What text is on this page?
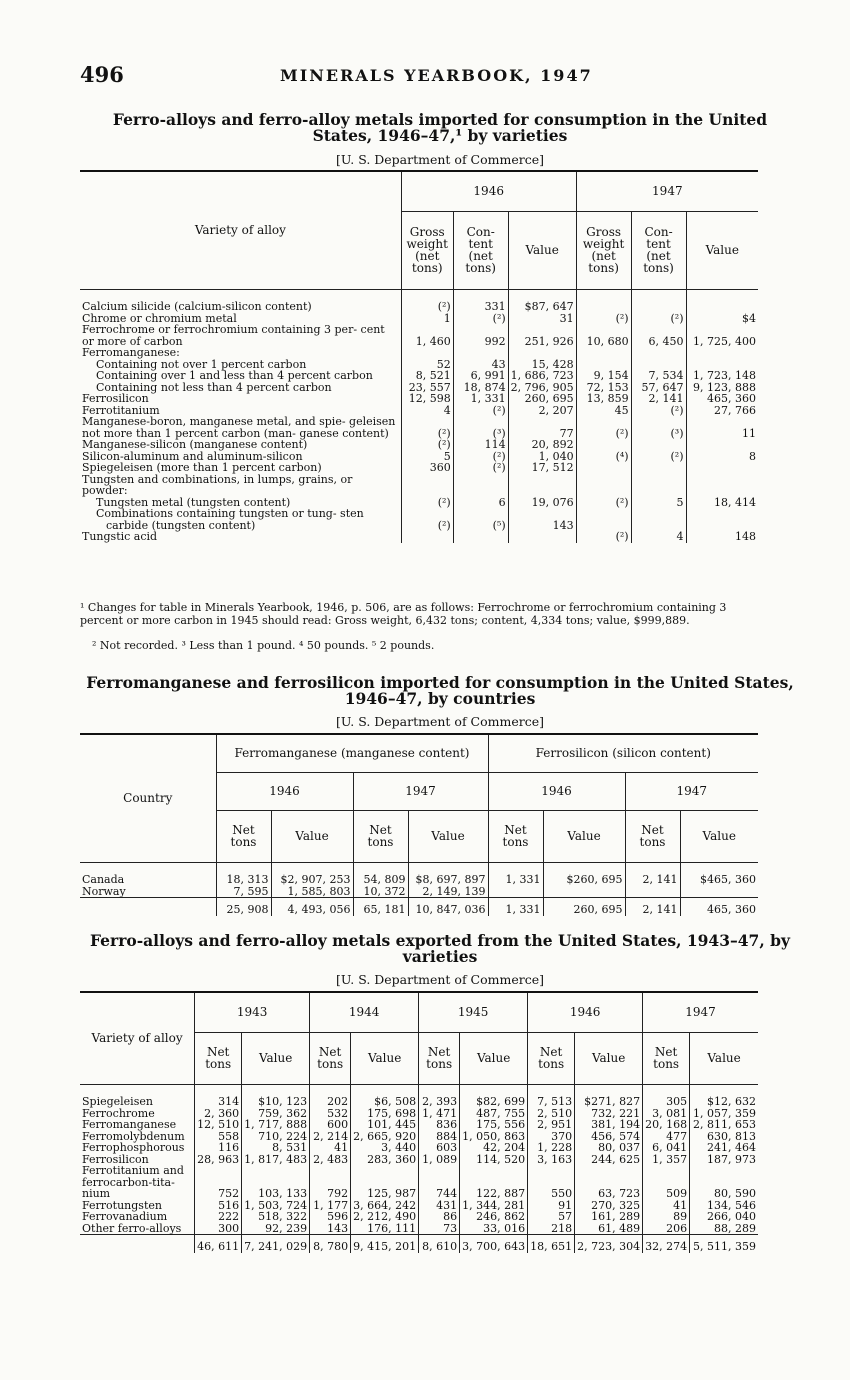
496	MINERALS YEARBOOK, 1947
Ferro-alloys and ferro-alloy metals imported for consumption in the United
States, 1946–47,¹ by varieties
[U. S. Department of Commerce]
Variety of alloy	1946			1947		
	Gross weight (net tons)	Con- tent (net tons)	Value	Gross weight (net tons)	Con- tent (net tons)	Value

Calcium silicide (calcium-silicon content)	(²)	331	$87, 647			
Chrome or chromium metal	1	(²)	31	(²)	(²)	$4
Ferrochrome or ferrochromium containing 3 per- cent or more of carbon	1, 460	992	251, 926	10, 680	6, 450	1, 725, 400
Ferromanganese:						
Containing not over 1 percent carbon	52	43	15, 428			
Containing over 1 and less than 4 percent carbon	8, 521	6, 991	1, 686, 723	9, 154	7, 534	1, 723, 148
Containing not less than 4 percent carbon	23, 557	18, 874	2, 796, 905	72, 153	57, 647	9, 123, 888
Ferrosilicon	12, 598	1, 331	260, 695	13, 859	2, 141	465, 360
Ferrotitanium	4	(²)	2, 207	45	(²)	27, 766
Manganese-boron, manganese metal, and spie- geleisen not more than 1 percent carbon (man- ganese content)	(²)	(³)	77	(²)	(³)	11
Manganese-silicon (manganese content)	(²)	114	20, 892			
Silicon-aluminum and aluminum-silicon	5	(²)	1, 040	(⁴)	(²)	8
Spiegeleisen (more than 1 percent carbon)	360	(²)	17, 512			
Tungsten and combinations, in lumps, grains, or powder:						
Tungsten metal (tungsten content)	(²)	6	19, 076	(²)	5	18, 414
Combinations containing tungsten or tung- sten carbide (tungsten content)	(²)	(⁵)	143			
Tungstic acid				(²)	4	148
¹ Changes for table in Minerals Yearbook, 1946, p. 506, are as follows: Ferrochrome or ferrochromium containing 3 percent or more carbon in 1945 should read: Gross weight, 6,432 tons; content, 4,334 tons; value, $999,889.
² Not recorded. ³ Less than 1 pound. ⁴ 50 pounds. ⁵ 2 pounds.
Ferromanganese and ferrosilicon imported for consumption in the United States,
1946–47, by countries
[U. S. Department of Commerce]
Country	Ferromanganese (manganese content)				Ferrosilicon (silicon content)			
	1946		1947		1946		1947	
	Net tons	Value	Net tons	Value	Net tons	Value	Net tons	Value

Canada	18, 313	$2, 907, 253	54, 809	$8, 697, 897	1, 331	$260, 695	2, 141	$465, 360
Norway	7, 595	1, 585, 803	10, 372	2, 149, 139				
	25, 908	4, 493, 056	65, 181	10, 847, 036	1, 331	260, 695	2, 141	465, 360
Ferro-alloys and ferro-alloy metals exported from the United States, 1943–47, by
varieties
[U. S. Department of Commerce]
Variety of alloy	1943		1944		1945		1946		1947	
	Net tons	Value	Net tons	Value	Net tons	Value	Net tons	Value	Net tons	Value

Spiegeleisen	314	$10, 123	202	$6, 508	2, 393	$82, 699	7, 513	$271, 827	305	$12, 632
Ferrochrome	2, 360	759, 362	532	175, 698	1, 471	487, 755	2, 510	732, 221	3, 081	1, 057, 359
Ferromanganese	12, 510	1, 717, 888	600	101, 445	836	175, 556	2, 951	381, 194	20, 168	2, 811, 653
Ferromolybdenum	558	710, 224	2, 214	2, 665, 920	884	1, 050, 863	370	456, 574	477	630, 813
Ferrophosphorous	116	8, 531	41	3, 440	603	42, 204	1, 228	80, 037	6, 041	241, 464
Ferrosilicon	28, 963	1, 817, 483	2, 483	283, 360	1, 089	114, 520	3, 163	244, 625	1, 357	187, 973
Ferrotitanium and ferrocarbon-tita- nium	752	103, 133	792	125, 987	744	122, 887	550	63, 723	509	80, 590
Ferrotungsten	516	1, 503, 724	1, 177	3, 664, 242	431	1, 344, 281	91	270, 325	41	134, 546
Ferrovanadium	222	518, 322	596	2, 212, 490	86	246, 862	57	161, 289	89	266, 040
Other ferro-alloys	300	92, 239	143	176, 111	73	33, 016	218	61, 489	206	88, 289
	46, 611	7, 241, 029	8, 780	9, 415, 201	8, 610	3, 700, 643	18, 651	2, 723, 304	32, 274	5, 511, 359
